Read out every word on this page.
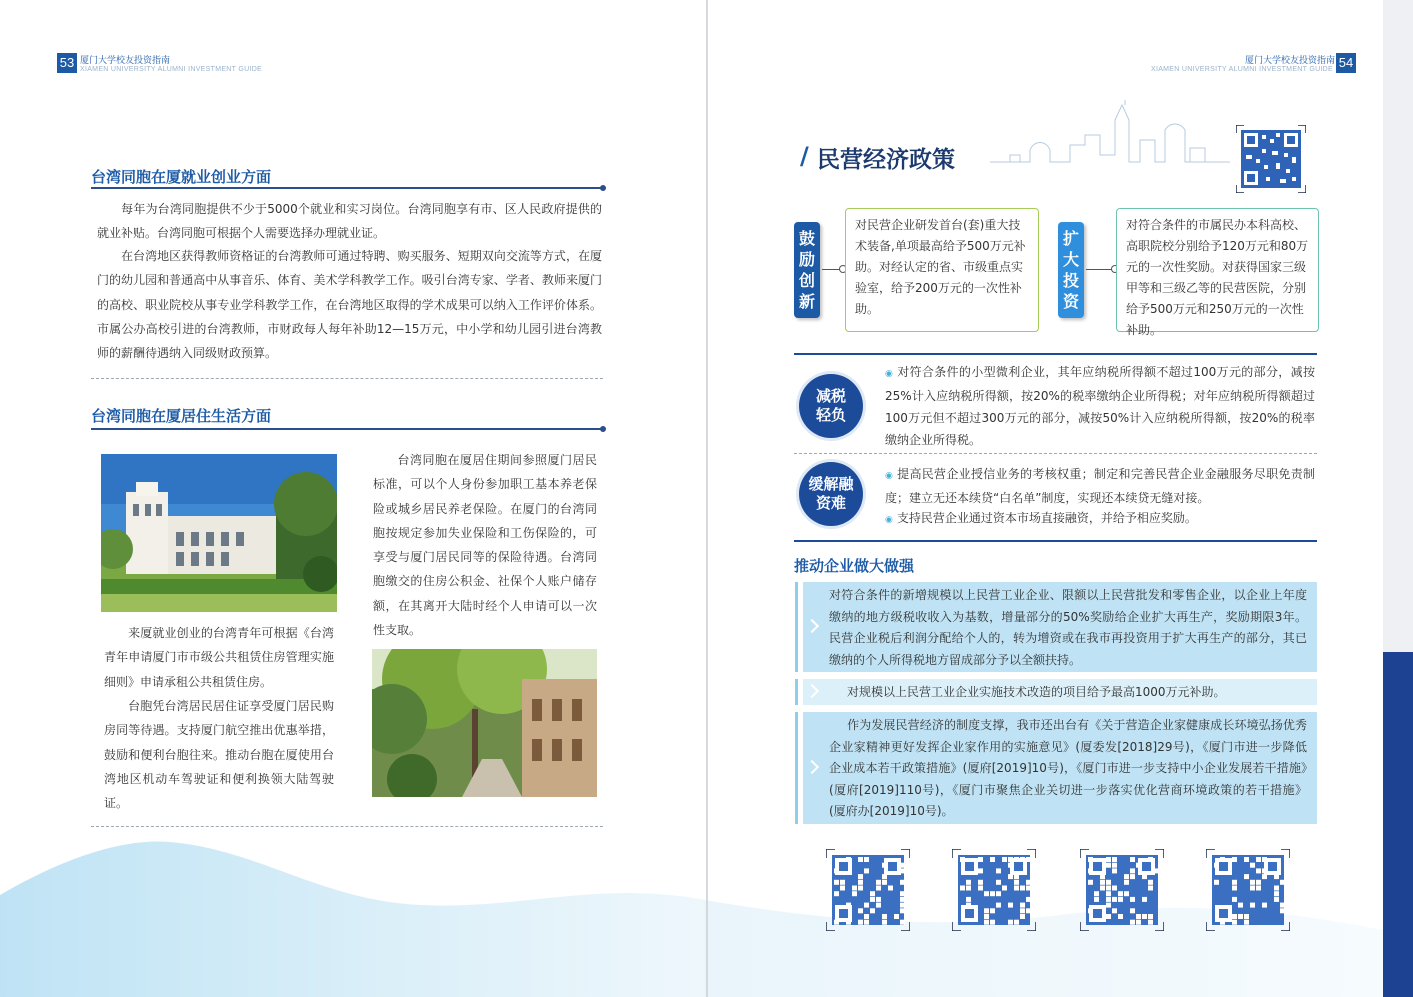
53 厦门大学校友投资指南
XIAMEN UNIVERSITY ALUMNI INVESTMENT GUIDE
厦门大学校友投资指南
XIAMEN UNIVERSITY ALUMNI INVESTMENT GUIDE 54
台湾同胞在厦就业创业方面

每年为台湾同胞提供不少于5000个就业和实习岗位。台湾同胞享有市、区人民政府提供的就业补贴。台湾同胞可根据个人需要选择办理就业证。

在台湾地区获得教师资格证的台湾教师可通过特聘、购买服务、短期双向交流等方式，在厦门的幼儿园和普通高中从事音乐、体育、美术学科教学工作。吸引台湾专家、学者、教师来厦门的高校、职业院校从事专业学科教学工作，在台湾地区取得的学术成果可以纳入工作评价体系。市属公办高校引进的台湾教师，市财政每人每年补助12—15万元，中小学和幼儿园引进台湾教师的薪酬待遇纳入同级财政预算。

台湾同胞在厦居住生活方面

台湾同胞在厦居住期间参照厦门居民标准，可以个人身份参加职工基本养老保险或城乡居民养老保险。在厦门的台湾同胞按规定参加失业保险和工伤保险的，可享受与厦门居民同等的保险待遇。台湾同胞缴交的住房公积金、社保个人账户储存额，在其离开大陆时经个人申请可以一次性支取。

来厦就业创业的台湾青年可根据《台湾青年申请厦门市市级公共租赁住房管理实施细则》申请承租公共租赁住房。

台胞凭台湾居民居住证享受厦门居民购房同等待遇。支持厦门航空推出优惠举措，鼓励和便利台胞往来。推动台胞在厦使用台湾地区机动车驾驶证和便利换领大陆驾驶证。

/ 民营经济政策
鼓励创新
对民营企业研发首台(套)重大技术装备,单项最高给予500万元补助。对经认定的省、市级重点实验室，给予200万元的一次性补助。
扩大投资
对符合条件的市属民办本科高校、高职院校分别给予120万元和80万元的一次性奖励。对获得国家三级甲等和三级乙等的民营医院，分别给予500万元和250万元的一次性补助。
减税轻负

◉ 对符合条件的小型微利企业，其年应纳税所得额不超过100万元的部分，减按25%计入应纳税所得额，按20%的税率缴纳企业所得税；对年应纳税所得额超过100万元但不超过300万元的部分，减按50%计入应纳税所得额，按20%的税率缴纳企业所得税。

缓解融资难

◉ 提高民营企业授信业务的考核权重；制定和完善民营企业金融服务尽职免责制度；建立无还本续贷“白名单”制度，实现还本续贷无缝对接。

◉ 支持民营企业通过资本市场直接融资，并给予相应奖励。

推动企业做大做强
对符合条件的新增规模以上民营工业企业、限额以上民营批发和零售企业，以企业上年度缴纳的地方级税收收入为基数，增量部分的50%奖励给企业扩大再生产，奖励期限3年。民营企业税后利润分配给个人的，转为增资或在我市再投资用于扩大再生产的部分，其已缴纳的个人所得税地方留成部分予以全额扶持。
对规模以上民营工业企业实施技术改造的项目给予最高1000万元补助。
作为发展民营经济的制度支撑，我市还出台有《关于营造企业家健康成长环境弘扬优秀企业家精神更好发挥企业家作用的实施意见》(厦委发[2018]29号)，《厦门市进一步降低企业成本若干政策措施》(厦府[2019]10号)，《厦门市进一步支持中小企业发展若干措施》(厦府[2019]110号)，《厦门市聚焦企业关切进一步落实优化营商环境政策的若干措施》(厦府办[2019]10号)。
